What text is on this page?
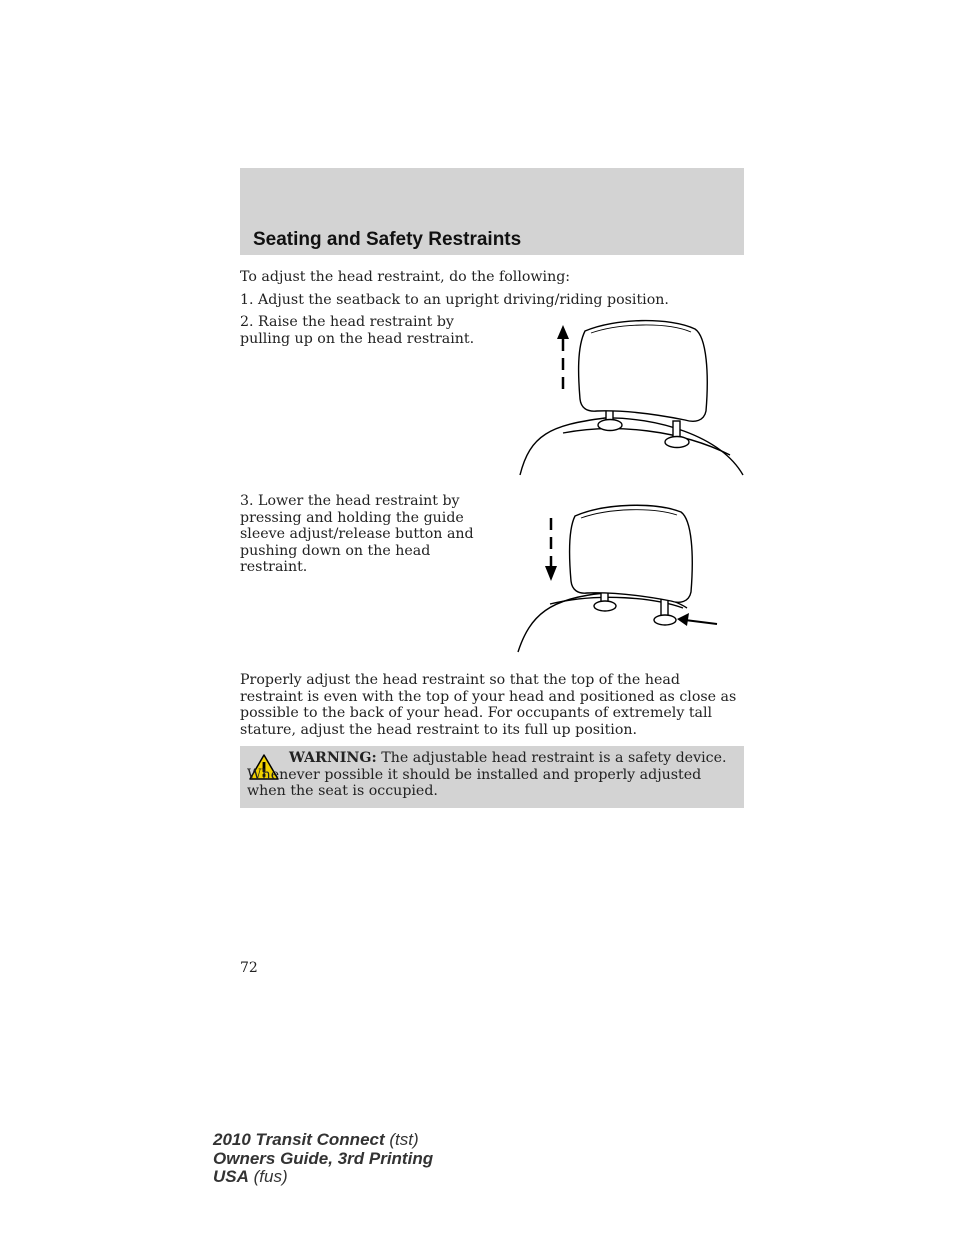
Seating and Safety Restraints

To adjust the head restraint, do the following:

1. Adjust the seatback to an upright driving/riding position.

2. Raise the head restraint by pulling up on the head restraint.

3. Lower the head restraint by pressing and holding the guide sleeve adjust/release button and pushing down on the head restraint.

Properly adjust the head restraint so that the top of the head restraint is even with the top of your head and positioned as close as possible to the back of your head. For occupants of extremely tall stature, adjust the head restraint to its full up position.

WARNING: The adjustable head restraint is a safety device. Whenever possible it should be installed and properly adjusted when the seat is occupied.

72
2010 Transit Connect (tst)
Owners Guide, 3rd Printing
USA (fus)
